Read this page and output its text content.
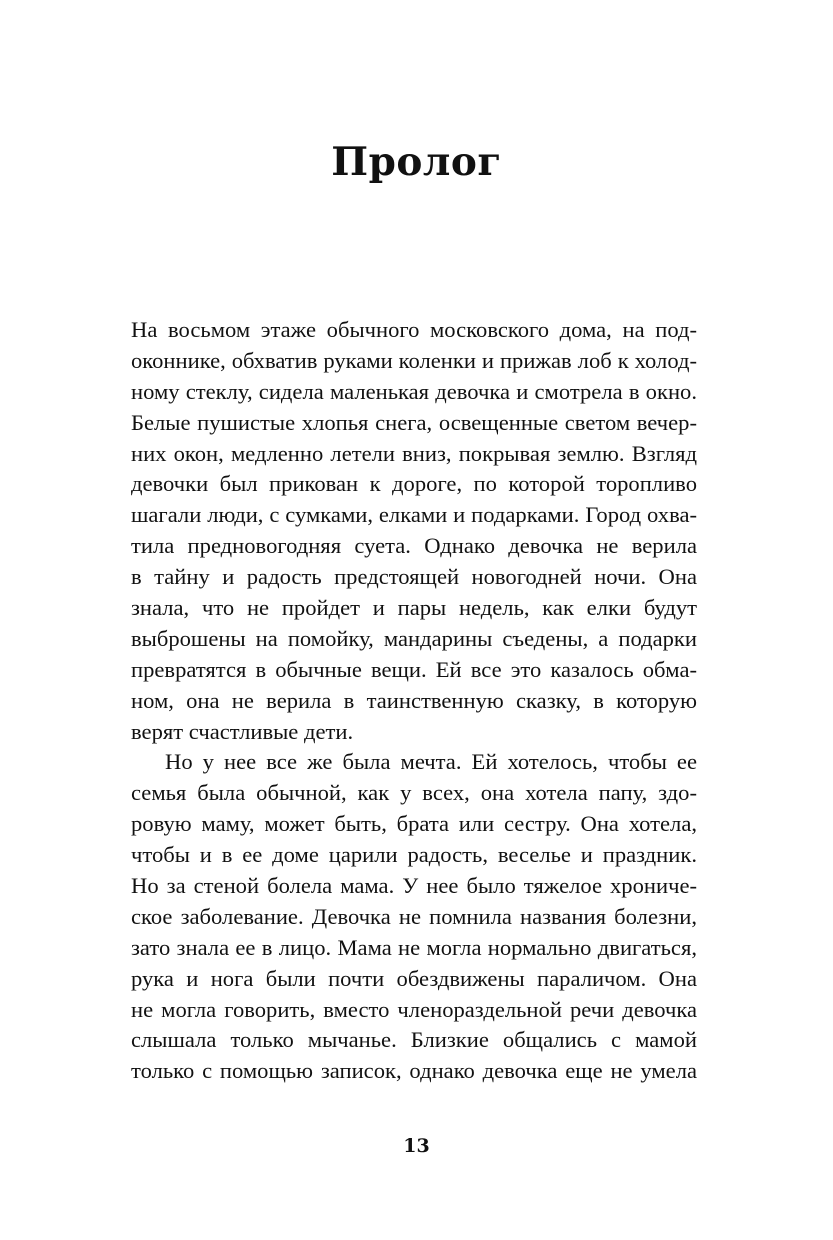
Пролог
На восьмом этаже обычного московского дома, на под-
оконнике, обхватив руками коленки и прижав лоб к холод-
ному стеклу, сидела маленькая девочка и смотрела в окно.
Белые пушистые хлопья снега, освещенные светом вечер-
них окон, медленно летели вниз, покрывая землю. Взгляд
девочки был прикован к дороге, по которой торопливо
шагали люди, с сумками, елками и подарками. Город охва-
тила предновогодняя суета. Однако девочка не верила
в тайну и радость предстоящей новогодней ночи. Она
знала, что не пройдет и пары недель, как елки будут
выброшены на помойку, мандарины съедены, а подарки
превратятся в обычные вещи. Ей все это казалось обма-
ном, она не верила в таинственную сказку, в которую
верят счастливые дети.
Но у нее все же была мечта. Ей хотелось, чтобы ее
семья была обычной, как у всех, она хотела папу, здо-
ровую маму, может быть, брата или сестру. Она хотела,
чтобы и в ее доме царили радость, веселье и праздник.
Но за стеной болела мама. У нее было тяжелое хрониче-
ское заболевание. Девочка не помнила названия болезни,
зато знала ее в лицо. Мама не могла нормально двигаться,
рука и нога были почти обездвижены параличом. Она
не могла говорить, вместо членораздельной речи девочка
слышала только мычанье. Близкие общались с мамой
только с помощью записок, однако девочка еще не умела
13
